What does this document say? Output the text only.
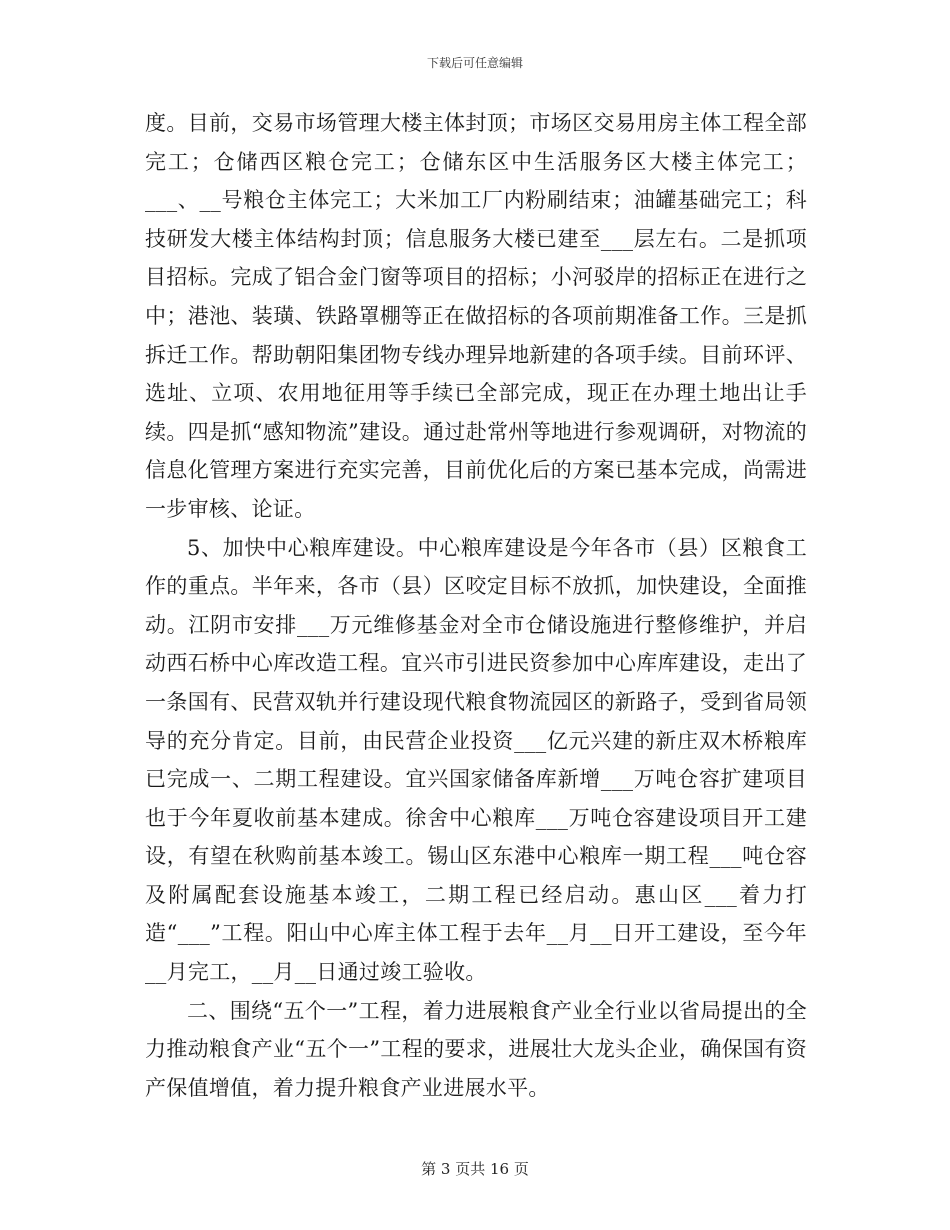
下载后可任意编辑

度。目前，交易市场管理大楼主体封顶；市场区交易用房主体工程全部完工；仓储西区粮仓完工；仓储东区中生活服务区大楼主体完工；___、__号粮仓主体完工；大米加工厂内粉刷结束；油罐基础完工；科技研发大楼主体结构封顶；信息服务大楼已建至___层左右。二是抓项目招标。完成了铝合金门窗等项目的招标；小河驳岸的招标正在进行之中；港池、装璜、铁路罩棚等正在做招标的各项前期准备工作。三是抓拆迁工作。帮助朝阳集团物专线办理异地新建的各项手续。目前环评、选址、立项、农用地征用等手续已全部完成，现正在办理土地出让手续。四是抓“感知物流”建设。通过赴常州等地进行参观调研，对物流的信息化管理方案进行充实完善，目前优化后的方案已基本完成，尚需进一步审核、论证。

5、加快中心粮库建设。中心粮库建设是今年各市（县）区粮食工作的重点。半年来，各市（县）区咬定目标不放抓，加快建设，全面推动。江阴市安排___万元维修基金对全市仓储设施进行整修维护，并启动西石桥中心库改造工程。宜兴市引进民资参加中心库库建设，走出了一条国有、民营双轨并行建设现代粮食物流园区的新路子，受到省局领导的充分肯定。目前，由民营企业投资___亿元兴建的新庄双木桥粮库已完成一、二期工程建设。宜兴国家储备库新增___万吨仓容扩建项目也于今年夏收前基本建成。徐舍中心粮库___万吨仓容建设项目开工建设，有望在秋购前基本竣工。锡山区东港中心粮库一期工程___吨仓容及附属配套设施基本竣工，二期工程已经启动。惠山区___着力打造“___”工程。阳山中心库主体工程于去年__月__日开工建设，至今年__月完工，__月__日通过竣工验收。

二、围绕“五个一”工程，着力进展粮食产业全行业以省局提出的全力推动粮食产业“五个一”工程的要求，进展壮大龙头企业，确保国有资产保值增值，着力提升粮食产业进展水平。

第 3 页共 16 页
